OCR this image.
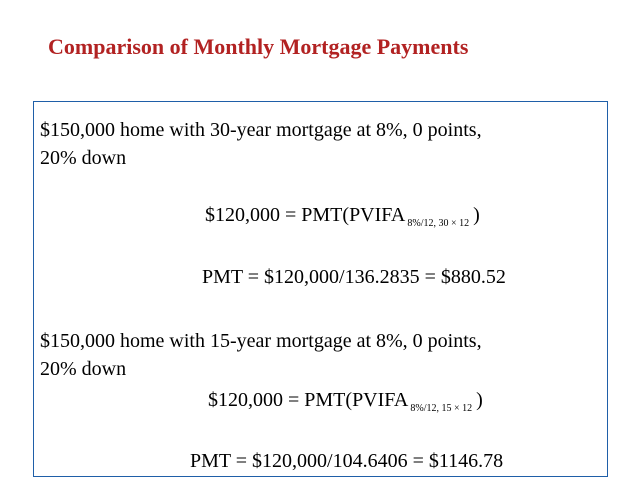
Comparison of Monthly Mortgage Payments
$150,000 home with 30-year mortgage at 8%, 0 points,
20% down
$120,000 = PMT(PVIFA $_{8\%/12, 30 \times 12}$ )
PMT = $120,000/136.2835 = $880.52
$150,000 home with 15-year mortgage at 8%, 0 points,
20% down
$120,000 = PMT(PVIFA $_{8\%/12, 15 \times 12}$ )
PMT = $120,000/104.6406 = $1146.78
